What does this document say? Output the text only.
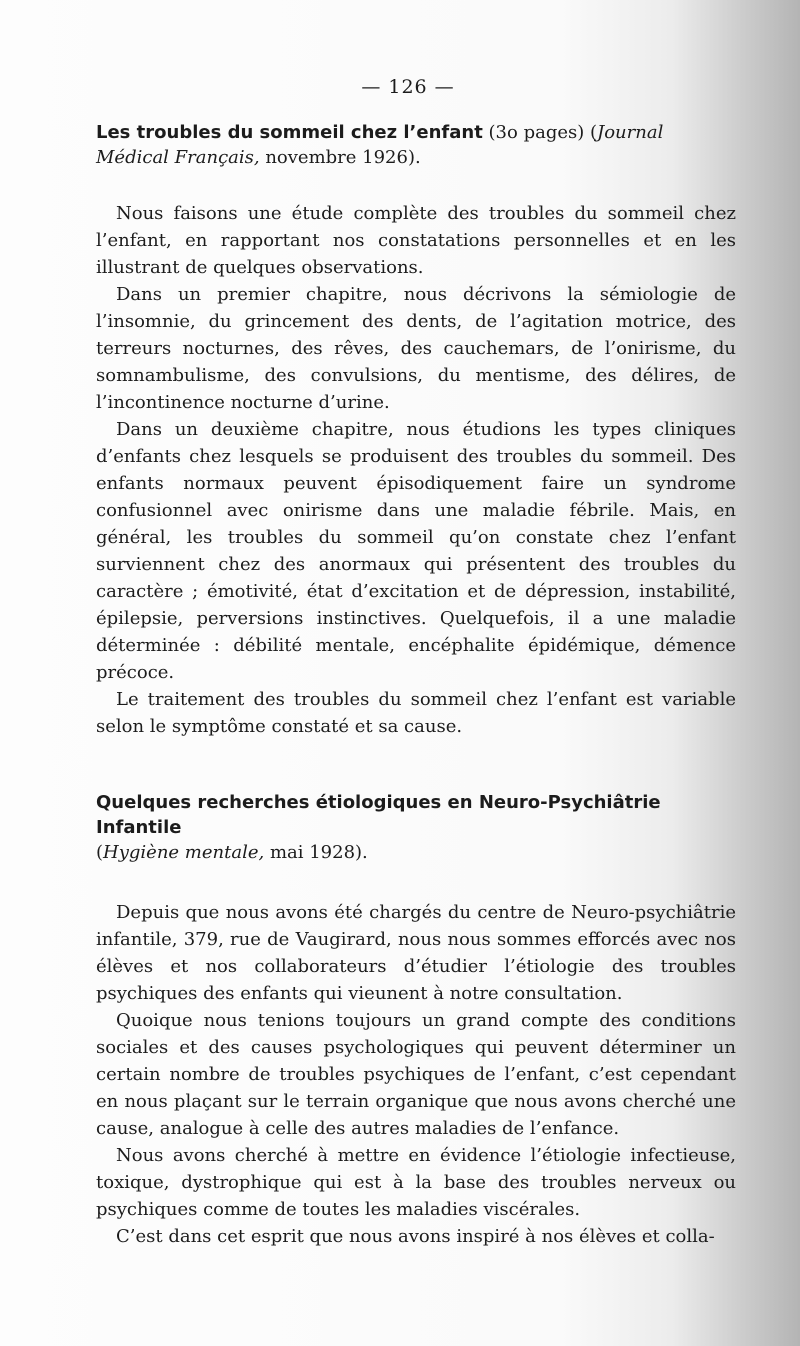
— 126 —

Les troubles du sommeil chez l’enfant (3o pages) (Journal Médical Français, novembre 1926).

Nous faisons une étude complète des troubles du sommeil chez l’enfant, en rapportant nos constatations personnelles et en les illustrant de quelques observations.

Dans un premier chapitre, nous décrivons la sémiologie de l’insomnie, du grincement des dents, de l’agitation motrice, des terreurs nocturnes, des rêves, des cauchemars, de l’onirisme, du somnambulisme, des convulsions, du mentisme, des délires, de l’incontinence nocturne d’urine.

Dans un deuxième chapitre, nous étudions les types cliniques d’enfants chez lesquels se produisent des troubles du sommeil. Des enfants normaux peuvent épisodiquement faire un syndrome confusionnel avec onirisme dans une maladie fébrile. Mais, en général, les troubles du sommeil qu’on constate chez l’enfant surviennent chez des anormaux qui présentent des troubles du caractère ; émotivité, état d’excitation et de dépression, instabilité, épilepsie, perversions instinctives. Quelquefois, il a une maladie déterminée : débilité mentale, encéphalite épidémique, démence précoce.

Le traitement des troubles du sommeil chez l’enfant est variable selon le symptôme constaté et sa cause.

Quelques recherches étiologiques en Neuro-Psychiâtrie Infantile

(Hygiène mentale, mai 1928).

Depuis que nous avons été chargés du centre de Neuro-psychiâtrie infantile, 379, rue de Vaugirard, nous nous sommes efforcés avec nos élèves et nos collaborateurs d’étudier l’étiologie des troubles psychiques des enfants qui vieunent à notre consultation.

Quoique nous tenions toujours un grand compte des conditions sociales et des causes psychologiques qui peuvent déterminer un certain nombre de troubles psychiques de l’enfant, c’est cependant en nous plaçant sur le terrain organique que nous avons cherché une cause, analogue à celle des autres maladies de l’enfance.

Nous avons cherché à mettre en évidence l’étiologie infectieuse, toxique, dystrophique qui est à la base des troubles nerveux ou psychiques comme de toutes les maladies viscérales.

C’est dans cet esprit que nous avons inspiré à nos élèves et colla-
